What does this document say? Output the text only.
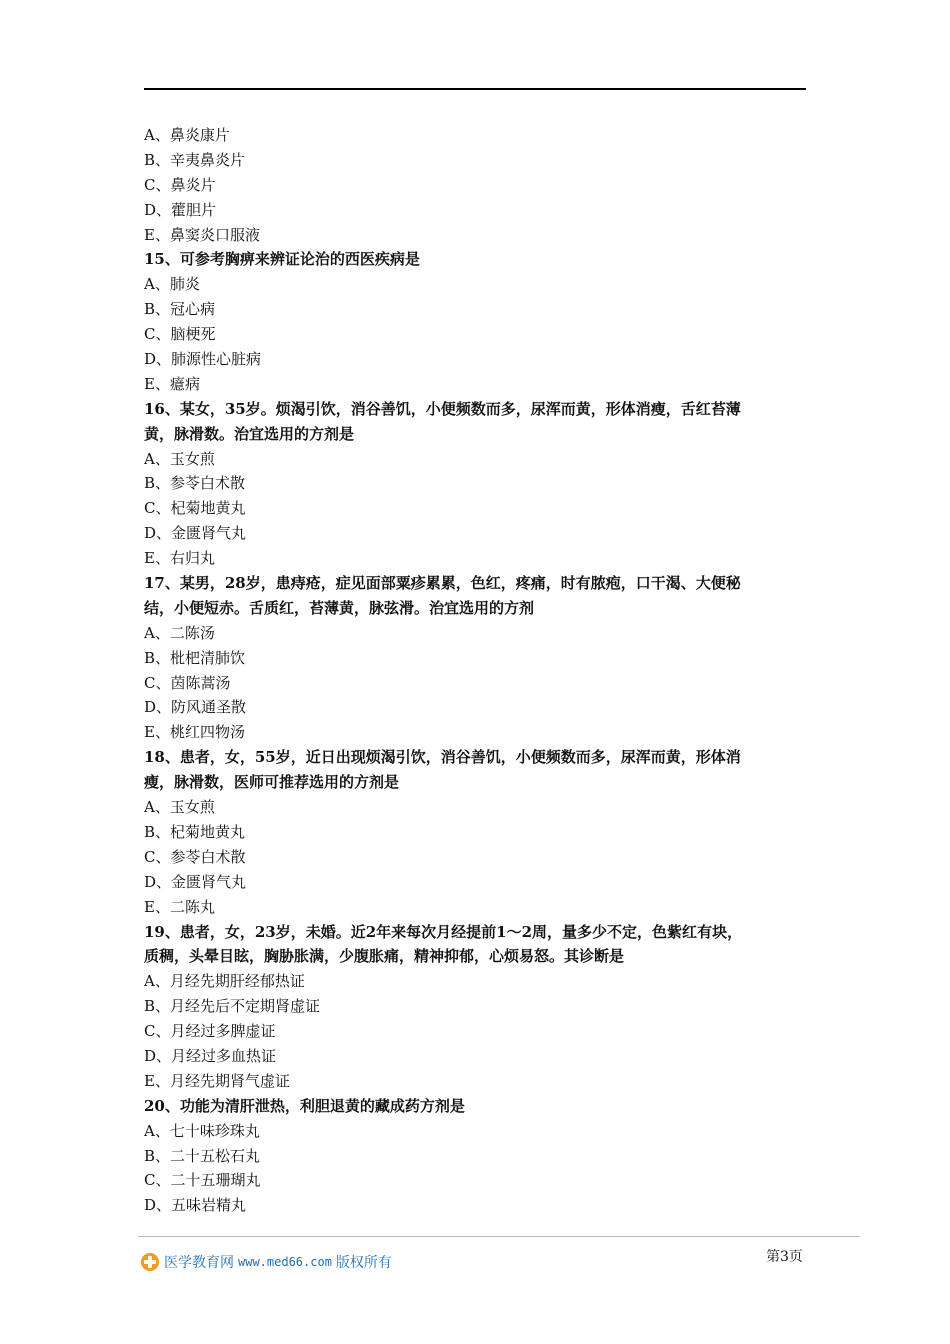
A、鼻炎康片
B、辛夷鼻炎片
C、鼻炎片
D、藿胆片
E、鼻窦炎口服液
15、可参考胸痹来辨证论治的西医疾病是
A、肺炎
B、冠心病
C、脑梗死
D、肺源性心脏病
E、癔病
16、某女，35岁。烦渴引饮，消谷善饥，小便频数而多，尿浑而黄，形体消瘦，舌红苔薄
黄，脉滑数。治宜选用的方剂是
A、玉女煎
B、参苓白术散
C、杞菊地黄丸
D、金匮肾气丸
E、右归丸
17、某男，28岁，患痔疮，症见面部粟疹累累，色红，疼痛，时有脓疱，口干渴、大便秘
结，小便短赤。舌质红，苔薄黄，脉弦滑。治宜选用的方剂
A、二陈汤
B、枇杷清肺饮
C、茵陈蒿汤
D、防风通圣散
E、桃红四物汤
18、患者，女，55岁，近日出现烦渴引饮，消谷善饥，小便频数而多，尿浑而黄，形体消
瘦，脉滑数，医师可推荐选用的方剂是
A、玉女煎
B、杞菊地黄丸
C、参苓白术散
D、金匮肾气丸
E、二陈丸
19、患者，女，23岁，未婚。近2年来每次月经提前1～2周，量多少不定，色紫红有块，
质稠，头晕目眩，胸胁胀满，少腹胀痛，精神抑郁，心烦易怒。其诊断是
A、月经先期肝经郁热证
B、月经先后不定期肾虚证
C、月经过多脾虚证
D、月经过多血热证
E、月经先期肾气虚证
20、功能为清肝泄热，利胆退黄的藏成药方剂是
A、七十味珍珠丸
B、二十五松石丸
C、二十五珊瑚丸
D、五味岩精丸
医学教育网 www.med66.com 版权所有	第3页
